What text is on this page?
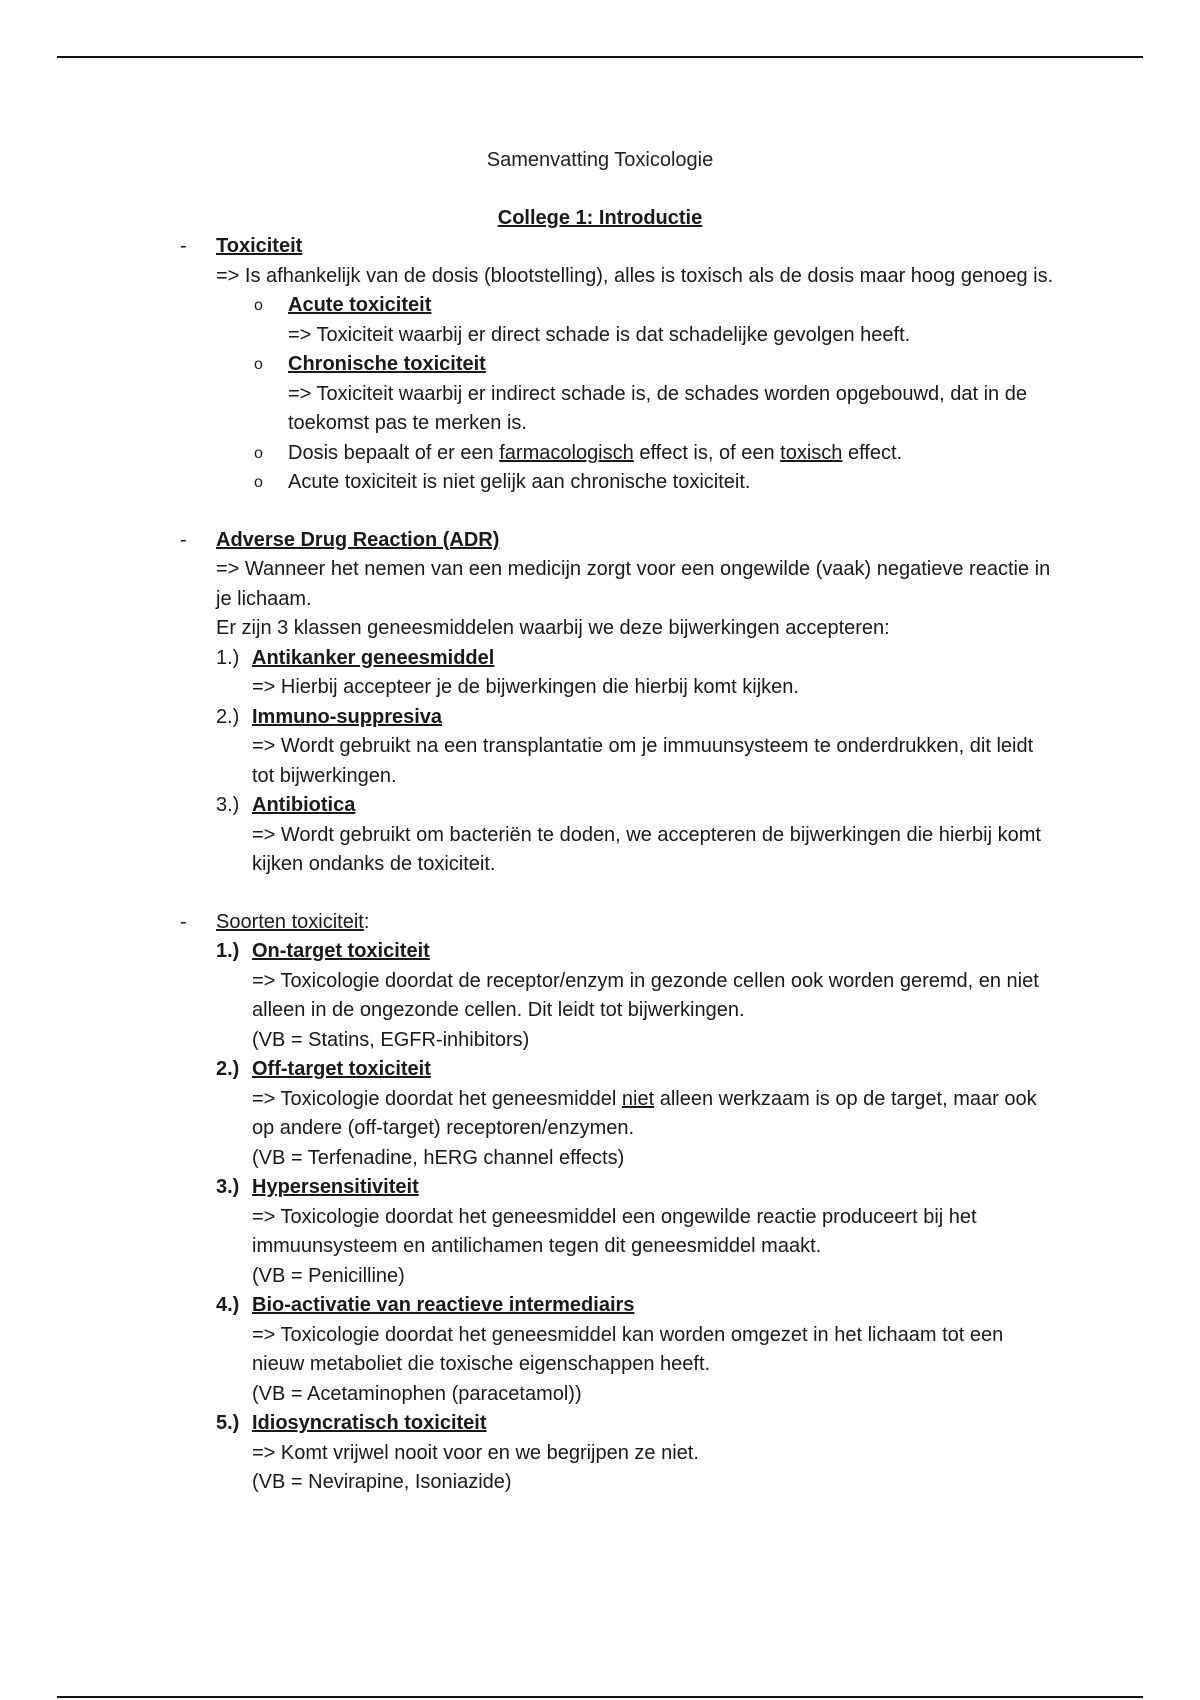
Samenvatting Toxicologie
College 1: Introductie
- Toxiciteit

=> Is afhankelijk van de dosis (blootstelling), alles is toxisch als de dosis maar hoog genoeg is.

o Acute toxiciteit

=> Toxiciteit waarbij er direct schade is dat schadelijke gevolgen heeft.

o Chronische toxiciteit

=> Toxiciteit waarbij er indirect schade is, de schades worden opgebouwd, dat in de toekomst pas te merken is.

o Dosis bepaalt of er een farmacologisch effect is, of een toxisch effect.

o Acute toxiciteit is niet gelijk aan chronische toxiciteit.

- Adverse Drug Reaction (ADR)

=> Wanneer het nemen van een medicijn zorgt voor een ongewilde (vaak) negatieve reactie in je lichaam.

Er zijn 3 klassen geneesmiddelen waarbij we deze bijwerkingen accepteren:

1.) Antikanker geneesmiddel

=> Hierbij accepteer je de bijwerkingen die hierbij komt kijken.

2.) Immuno-suppresiva

=> Wordt gebruikt na een transplantatie om je immuunsysteem te onderdrukken, dit leidt tot bijwerkingen.

3.) Antibiotica

=> Wordt gebruikt om bacteriën te doden, we accepteren de bijwerkingen die hierbij komt kijken ondanks de toxiciteit.

- Soorten toxiciteit:

1.) On-target toxiciteit

=> Toxicologie doordat de receptor/enzym in gezonde cellen ook worden geremd, en niet alleen in de ongezonde cellen. Dit leidt tot bijwerkingen.

(VB = Statins, EGFR-inhibitors)

2.) Off-target toxiciteit

=> Toxicologie doordat het geneesmiddel niet alleen werkzaam is op de target, maar ook op andere (off-target) receptoren/enzymen.

(VB = Terfenadine, hERG channel effects)

3.) Hypersensitiviteit

=> Toxicologie doordat het geneesmiddel een ongewilde reactie produceert bij het immuunsysteem en antilichamen tegen dit geneesmiddel maakt.

(VB = Penicilline)

4.) Bio-activatie van reactieve intermediairs

=> Toxicologie doordat het geneesmiddel kan worden omgezet in het lichaam tot een nieuw metaboliet die toxische eigenschappen heeft.

(VB = Acetaminophen (paracetamol))

5.) Idiosyncratisch toxiciteit

=> Komt vrijwel nooit voor en we begrijpen ze niet.

(VB = Nevirapine, Isoniazide)
